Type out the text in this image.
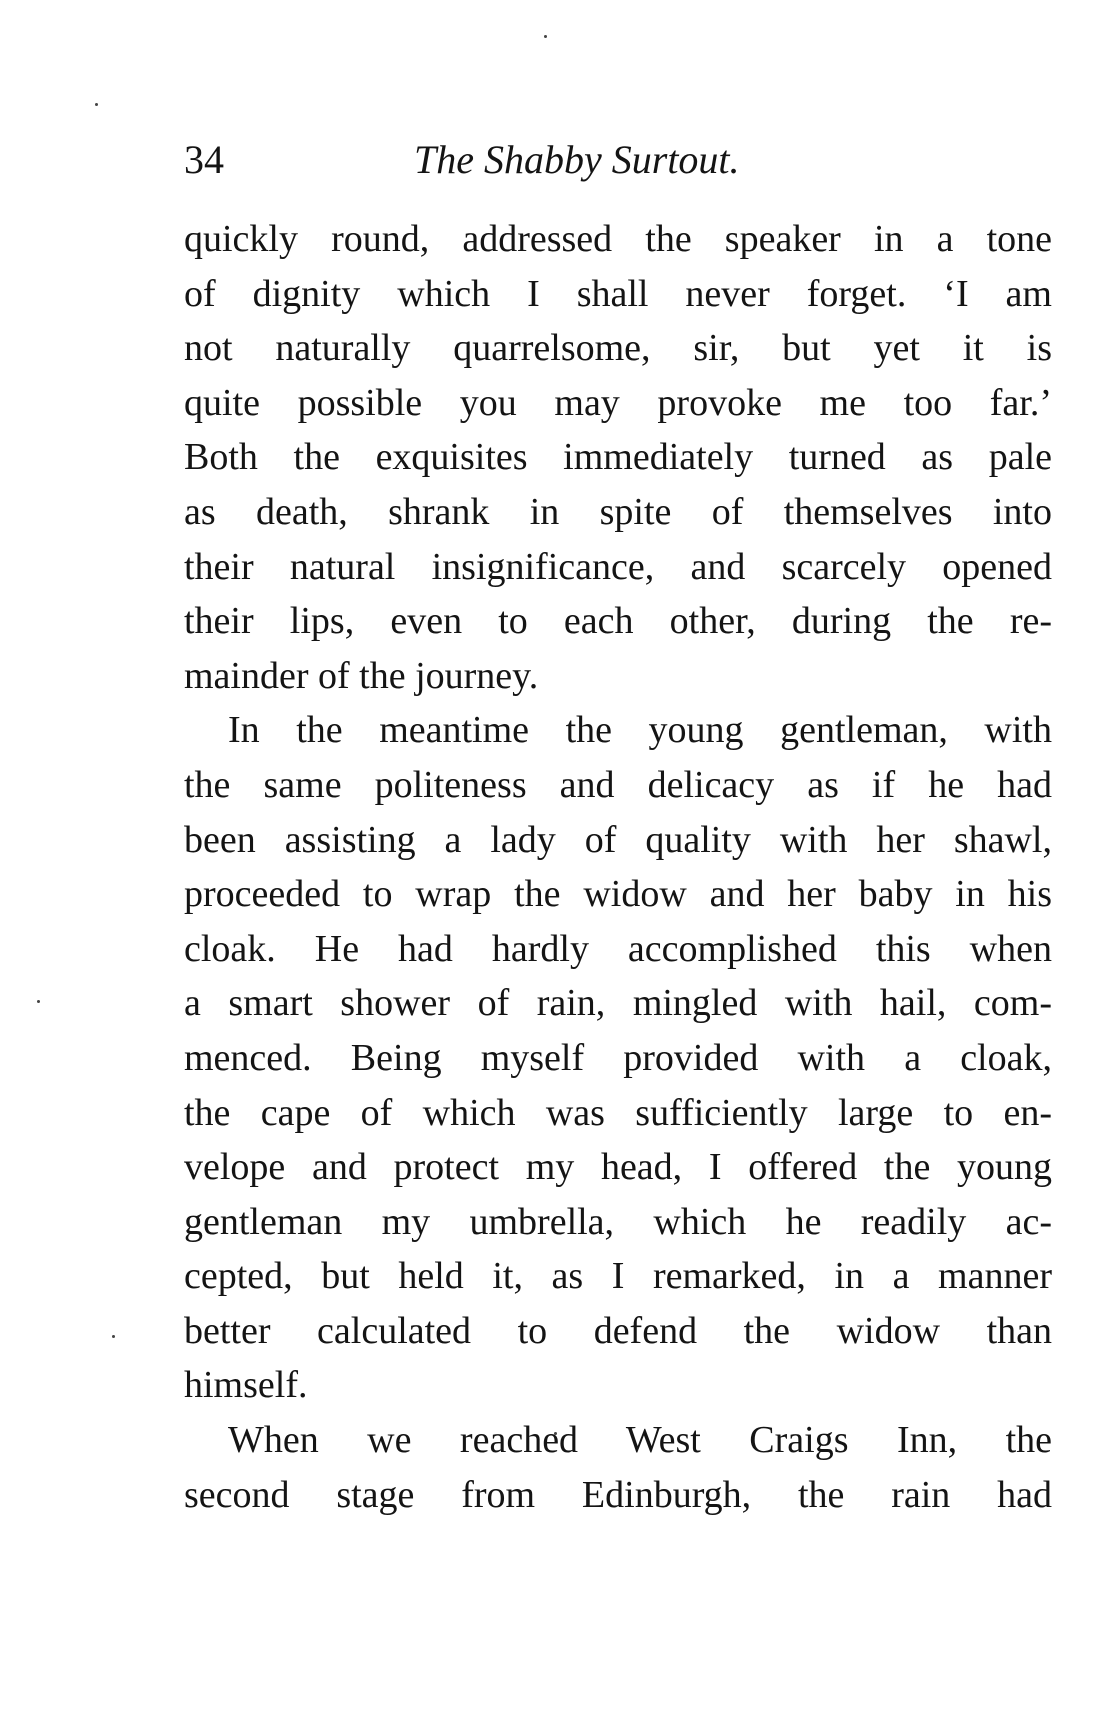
34	The Shabby Surtout.
quickly round, addressed the speaker in a tone
of dignity which I shall never forget. ‘I am
not naturally quarrelsome, sir, but yet it is
quite possible you may provoke me too far.’
Both the exquisites immediately turned as pale
as death, shrank in spite of themselves into
their natural insignificance, and scarcely opened
their lips, even to each other, during the re-
mainder of the journey.
In the meantime the young gentleman, with
the same politeness and delicacy as if he had
been assisting a lady of quality with her shawl,
proceeded to wrap the widow and her baby in his
cloak. He had hardly accomplished this when
a smart shower of rain, mingled with hail, com-
menced. Being myself provided with a cloak,
the cape of which was sufficiently large to en-
velope and protect my head, I offered the young
gentleman my umbrella, which he readily ac-
cepted, but held it, as I remarked, in a manner
better calculated to defend the widow than
himself.
When we reached West Craigs Inn, the
second stage from Edinburgh, the rain had
